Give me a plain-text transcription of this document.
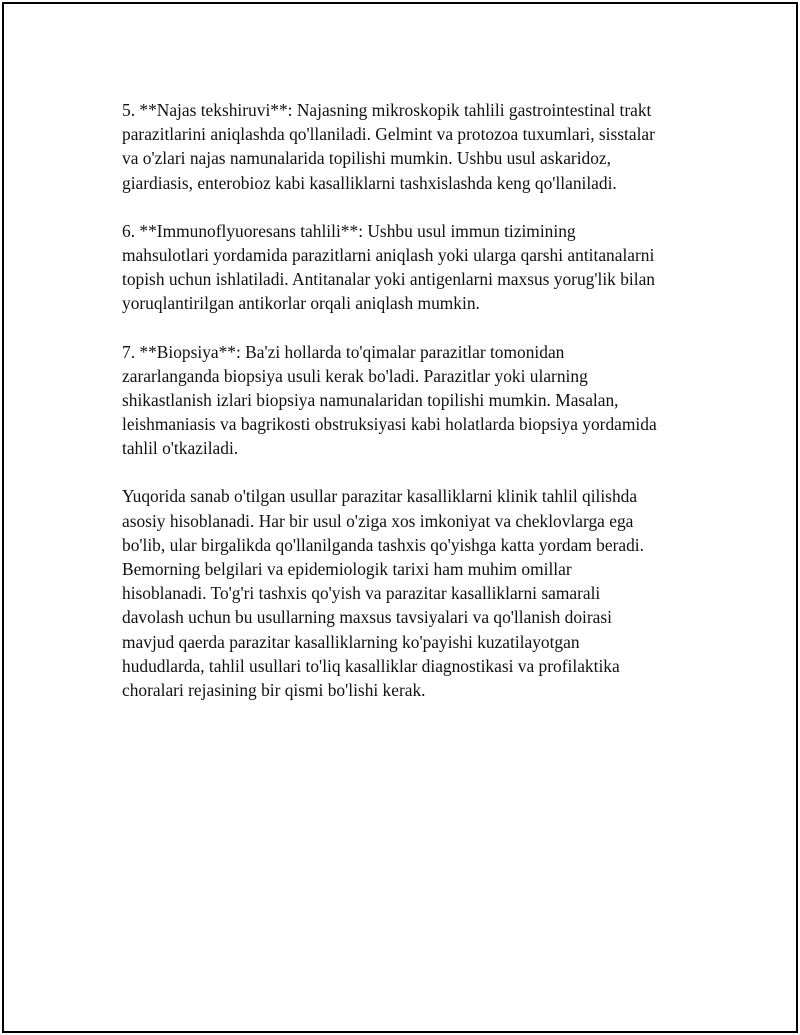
5. **Najas tekshiruvi**: Najasning mikroskopik tahlili gastrointestinal trakt
parazitlarini aniqlashda qo'llaniladi. Gelmint va protozoa tuxumlari, sisstalar
va o'zlari najas namunalarida topilishi mumkin. Ushbu usul askaridoz,
giardiasis, enterobioz kabi kasalliklarni tashxislashda keng qo'llaniladi.

6. **Immunoflyuoresans tahlili**: Ushbu usul immun tizimining
mahsulotlari yordamida parazitlarni aniqlash yoki ularga qarshi antitanalarni
topish uchun ishlatiladi. Antitanalar yoki antigenlarni maxsus yorug'lik bilan
yoruqlantirilgan antikorlar orqali aniqlash mumkin.

7. **Biopsiya**: Ba'zi hollarda to'qimalar parazitlar tomonidan
zararlanganda biopsiya usuli kerak bo'ladi. Parazitlar yoki ularning
shikastlanish izlari biopsiya namunalaridan topilishi mumkin. Masalan,
leishmaniasis va bagrikosti obstruksiyasi kabi holatlarda biopsiya yordamida
tahlil o'tkaziladi.

Yuqorida sanab o'tilgan usullar parazitar kasalliklarni klinik tahlil qilishda
asosiy hisoblanadi. Har bir usul o'ziga xos imkoniyat va cheklovlarga ega
bo'lib, ular birgalikda qo'llanilganda tashxis qo'yishga katta yordam beradi.
Bemorning belgilari va epidemiologik tarixi ham muhim omillar
hisoblanadi. To'g'ri tashxis qo'yish va parazitar kasalliklarni samarali
davolash uchun bu usullarning maxsus tavsiyalari va qo'llanish doirasi
mavjud qaerda parazitar kasalliklarning ko'payishi kuzatilayotgan
hududlarda, tahlil usullari to'liq kasalliklar diagnostikasi va profilaktika
choralari rejasining bir qismi bo'lishi kerak.
